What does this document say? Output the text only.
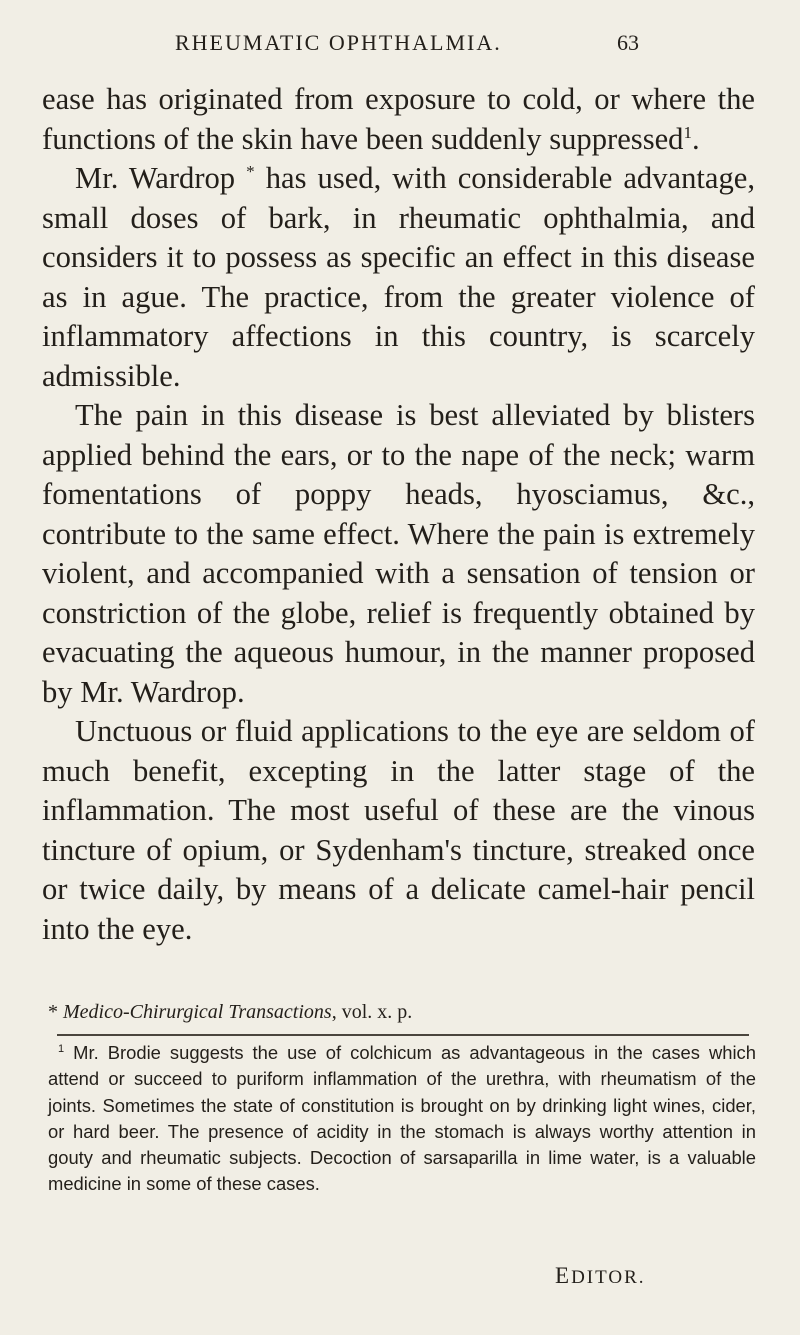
RHEUMATIC OPHTHALMIA.	63

ease has originated from exposure to cold, or where the functions of the skin have been suddenly suppressed$^1$.

Mr. Wardrop * has used, with considerable advantage, small doses of bark, in rheumatic ophthalmia, and considers it to possess as specific an effect in this disease as in ague. The practice, from the greater violence of inflammatory affections in this country, is scarcely admissible.

The pain in this disease is best alleviated by blisters applied behind the ears, or to the nape of the neck; warm fomentations of poppy heads, hyosciamus, &c., contribute to the same effect. Where the pain is extremely violent, and accompanied with a sensation of tension or constriction of the globe, relief is frequently obtained by evacuating the aqueous humour, in the manner proposed by Mr. Wardrop.

Unctuous or fluid applications to the eye are seldom of much benefit, excepting in the latter stage of the inflammation. The most useful of these are the vinous tincture of opium, or Sydenham's tincture, streaked once or twice daily, by means of a delicate camel-hair pencil into the eye.

* Medico-Chirurgical Transactions, vol. x. p.

$^1$ Mr. Brodie suggests the use of colchicum as advantageous in the cases which attend or succeed to puriform inflammation of the urethra, with rheumatism of the joints. Sometimes the state of constitution is brought on by drinking light wines, cider, or hard beer. The presence of acidity in the stomach is always worthy attention in gouty and rheumatic subjects. Decoction of sarsaparilla in lime water, is a valuable medicine in some of these cases.

EDITOR.
